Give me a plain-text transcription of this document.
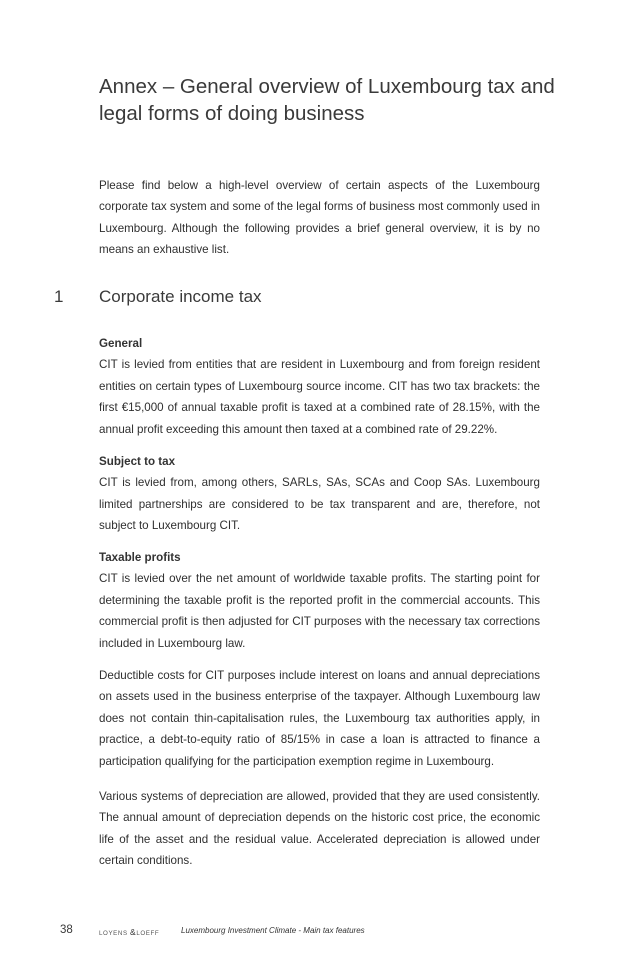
Annex – General overview of Luxembourg tax and legal forms of doing business

Please find below a high-level overview of certain aspects of the Luxembourg corporate tax system and some of the legal forms of business most commonly used in Luxembourg. Although the following provides a brief general overview, it is by no means an exhaustive list.

1 Corporate income tax
General
CIT is levied from entities that are resident in Luxembourg and from foreign resident entities on certain types of Luxembourg source income. CIT has two tax brackets: the first €15,000 of annual taxable profit is taxed at a combined rate of 28.15%, with the annual profit exceeding this amount then taxed at a combined rate of 29.22%.
Subject to tax
CIT is levied from, among others, SARLs, SAs, SCAs and Coop SAs. Luxembourg limited partnerships are considered to be tax transparent and are, therefore, not subject to Luxembourg CIT.
Taxable profits
CIT is levied over the net amount of worldwide taxable profits. The starting point for determining the taxable profit is the reported profit in the commercial accounts. This commercial profit is then adjusted for CIT purposes with the necessary tax corrections included in Luxembourg law.

Deductible costs for CIT purposes include interest on loans and annual depreciations on assets used in the business enterprise of the taxpayer. Although Luxembourg law does not contain thin-capitalisation rules, the Luxembourg tax authorities apply, in practice, a debt-to-equity ratio of 85/15% in case a loan is attracted to finance a participation qualifying for the participation exemption regime in Luxembourg.

Various systems of depreciation are allowed, provided that they are used consistently. The annual amount of depreciation depends on the historic cost price, the economic life of the asset and the residual value. Accelerated depreciation is allowed under certain conditions.

38	LOYENS &LOEFF	Luxembourg Investment Climate - Main tax features
